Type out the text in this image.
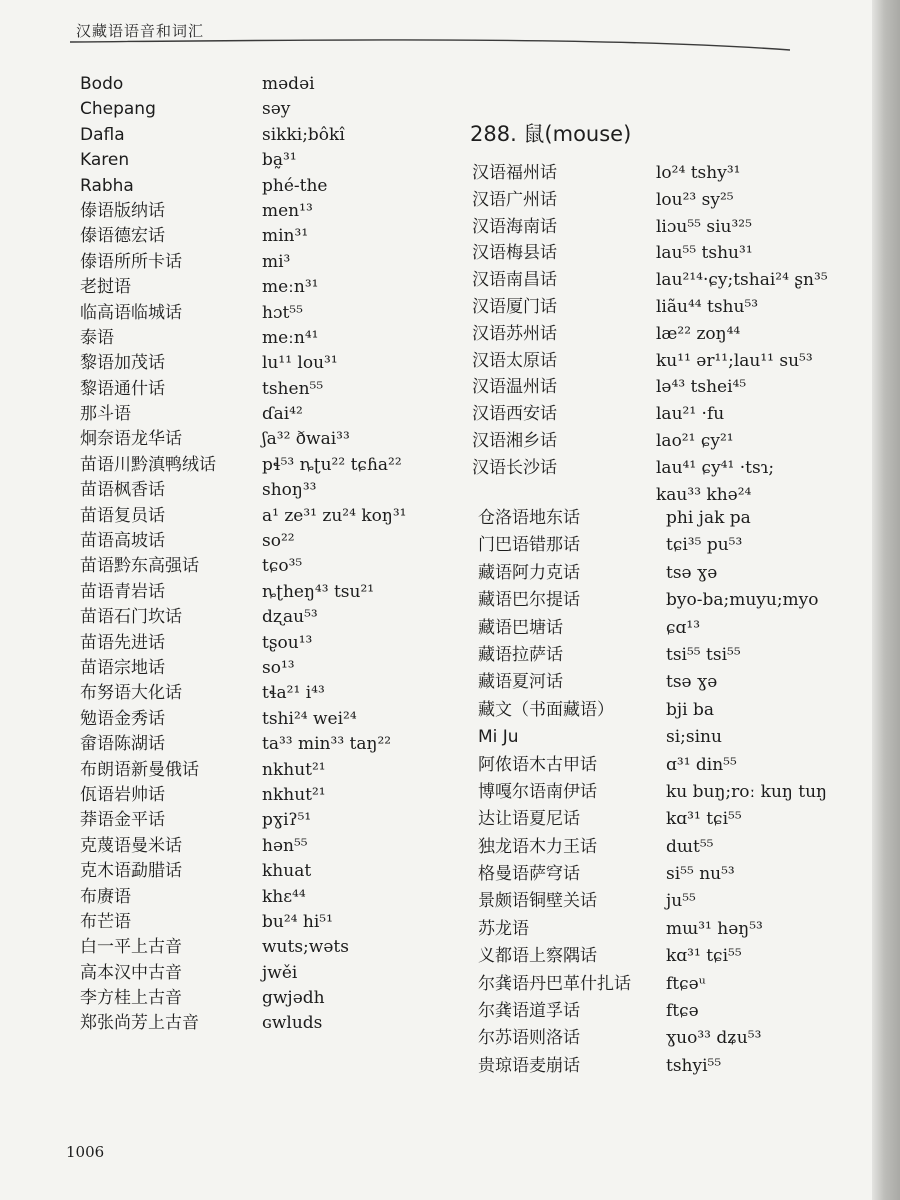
汉藏语语音和词汇
Bodo	mədəi
Chepang	səy
Dafla	sikki;bôkî
Karen	ba̰³¹
Rabha	phé-the
傣语版纳话	men¹³
傣语德宏话	min³¹
傣语所所卡话	mi³
老挝语	meːn³¹
临高语临城话	hɔt⁵⁵
泰语	meːn⁴¹
黎语加茂话	lu¹¹ lou³¹
黎语通什话	tshen⁵⁵
那斗语	ɗai⁴²
炯奈语龙华话	ʃa³² ðwai³³
苗语川黔滇鸭绒话	pɬ⁵³ ȵʈu²² tɕɦa²²
苗语枫香话	shoŋ³³
苗语复员话	a¹ ze³¹ zu²⁴ koŋ³¹
苗语高坡话	so²²
苗语黔东高强话	tɕo³⁵
苗语青岩话	ȵʈheŋ⁴³ tsu²¹
苗语石门坎话	dʐau⁵³
苗语先进话	tʂou¹³
苗语宗地话	so¹³
布努语大化话	tɬa²¹ i⁴³
勉语金秀话	tshi²⁴ wei²⁴
畲语陈湖话	ta³³ min³³ taŋ²²
布朗语新曼俄话	nkhut²¹
佤语岩帅话	nkhut²¹
莽语金平话	pɣiʔ⁵¹
克蔑语曼米话	hən⁵⁵
克木语勐腊话	khuat
布赓语	khɛ⁴⁴
布芒语	bu²⁴ hi⁵¹
白一平上古音	wuts;wəts
高本汉中古音	jwěi
李方桂上古音	gwjədh
郑张尚芳上古音	ɢwluds
288. 鼠(mouse)
汉语福州话	lo²⁴ tshy³¹
汉语广州话	lou²³ sy²⁵
汉语海南话	liɔu⁵⁵ siu³²⁵
汉语梅县话	lau⁵⁵ tshu³¹
汉语南昌话	lau²¹⁴·ɕy;tshai²⁴ ʂn³⁵
汉语厦门话	liãu⁴⁴ tshu⁵³
汉语苏州话	læ²² zoŋ⁴⁴
汉语太原话	ku¹¹ ər¹¹;lau¹¹ su⁵³
汉语温州话	lə⁴³ tshei⁴⁵
汉语西安话	lau²¹ ·fu
汉语湘乡话	lao²¹ ɕy²¹
汉语长沙话	lau⁴¹ ɕy⁴¹ ·tsɿ;
kau³³ khə²⁴
仓洛语地东话	phi jak pa
门巴语错那话	tɕi³⁵ pu⁵³
藏语阿力克话	tsə ɣə
藏语巴尔提话	byo-ba;muyu;myo
藏语巴塘话	ɕɑ¹³
藏语拉萨话	tsi⁵⁵ tsi⁵⁵
藏语夏河话	tsə ɣə
藏文（书面藏语）	bji ba
Mi Ju	si;sinu
阿侬语木古甲话	ɑ³¹ din⁵⁵
博嘎尔语南伊话	ku buŋ;roː kuŋ tuŋ
达让语夏尼话	kɑ³¹ tɕi⁵⁵
独龙语木力王话	dɯt⁵⁵
格曼语萨穹话	si⁵⁵ nu⁵³
景颇语铜壁关话	ju⁵⁵
苏龙语	mɯ³¹ həŋ⁵³
义都语上察隅话	kɑ³¹ tɕi⁵⁵
尔龚语丹巴革什扎话 ftɕəᵘ
尔龚语道孚话	ftɕə
尔苏语则洛话	ɣuo³³ dʑu⁵³
贵琼语麦崩话	tshyi⁵⁵
1006
